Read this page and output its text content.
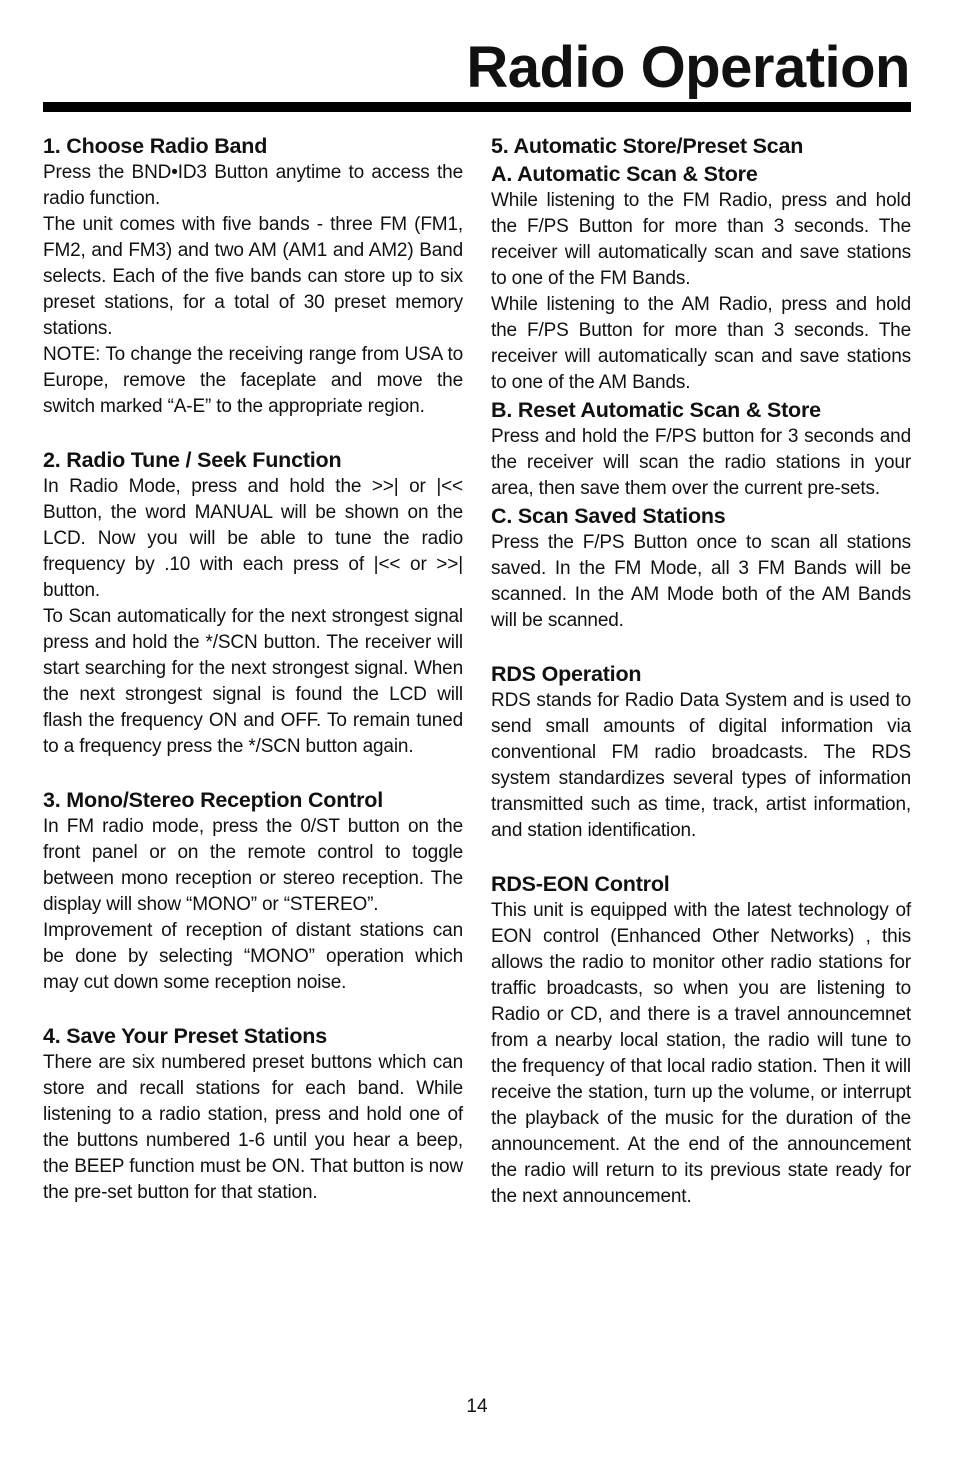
Radio Operation
1. Choose Radio Band

Press the BND•ID3 Button anytime to access the radio function.

The unit comes with five bands - three FM (FM1, FM2, and FM3) and two AM (AM1 and AM2) Band selects. Each of the five bands can store up to six preset stations, for a total of 30 preset memory stations.

NOTE: To change the receiving range from USA to Europe, remove the faceplate and move the switch marked “A-E” to the appropriate region.

2. Radio Tune / Seek Function

In Radio Mode, press and hold the >>| or |<< Button, the word MANUAL will be shown on the LCD. Now you will be able to tune the radio frequency by .10 with each press of |<< or >>| button.

To Scan automatically for the next strongest signal press and hold the */SCN button. The receiver will start searching for the next strongest signal. When the next strongest signal is found the LCD will flash the frequency ON and OFF. To remain tuned to a frequency press the */SCN button again.

3. Mono/Stereo Reception Control

In FM radio mode, press the 0/ST button on the front panel or on the remote control to toggle between mono reception or stereo reception. The display will show “MONO” or “STEREO”.

Improvement of reception of distant stations can be done by selecting “MONO” operation which may cut down some reception noise.

4. Save Your Preset Stations

There are six numbered preset buttons which can store and recall stations for each band. While listening to a radio station, press and hold one of the buttons numbered 1-6 until you hear a beep, the BEEP function must be ON. That button is now the pre-set button for that station.

5. Automatic Store/Preset Scan
A. Automatic Scan & Store

While listening to the FM Radio, press and hold the F/PS Button for more than 3 seconds. The receiver will automatically scan and save stations to one of the FM Bands.

While listening to the AM Radio, press and hold the F/PS Button for more than 3 seconds. The receiver will automatically scan and save stations to one of the AM Bands.

B. Reset Automatic Scan & Store

Press and hold the F/PS button for 3 seconds and the receiver will scan the radio stations in your area, then save them over the current pre-sets.

C. Scan Saved Stations

Press the F/PS Button once to scan all stations saved. In the FM Mode, all 3 FM Bands will be scanned. In the AM Mode both of the AM Bands will be scanned.

RDS Operation

RDS stands for Radio Data System and is used to send small amounts of digital information via conventional FM radio broadcasts. The RDS system standardizes several types of information transmitted such as time, track, artist information, and station identification.

RDS-EON Control

This unit is equipped with the latest technology of EON control (Enhanced Other Networks) , this allows the radio to monitor other radio stations for traffic broadcasts, so when you are listening to Radio or CD, and there is a travel announcemnet from a nearby local station, the radio will tune to the frequency of that local radio station. Then it will receive the station, turn up the volume, or interrupt the playback of the music for the duration of the announcement. At the end of the announcement the radio will return to its previous state ready for the next announcement.

14
